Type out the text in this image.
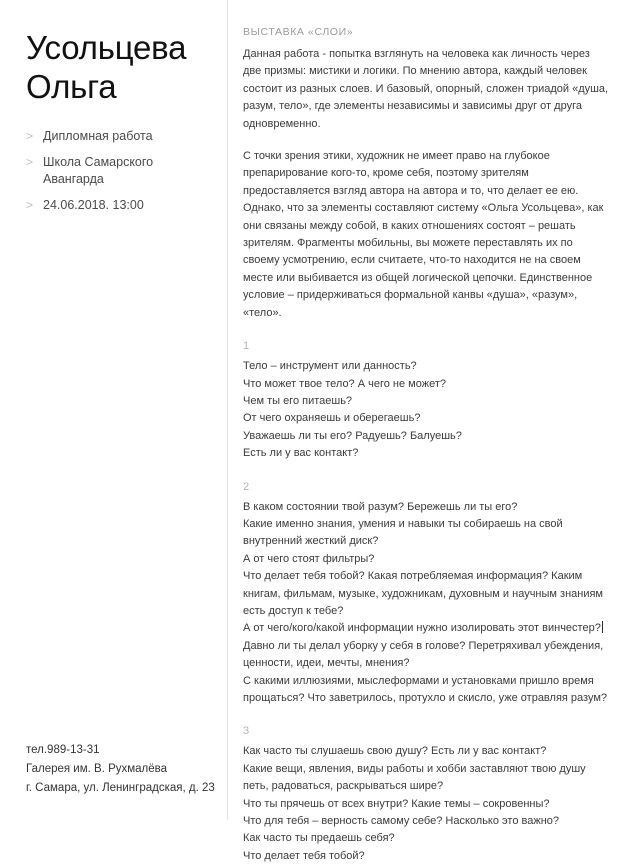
Усольцева Ольга
> Дипломная работа
> Школа Самарского Авангарда
> 24.06.2018. 13:00
тел.989-13-31
Галерея им. В. Рухмалёва
г. Самара, ул. Ленинградская, д. 23
ВЫСТАВКА «СЛОИ»

Данная работа - попытка взглянуть на человека как личность через две призмы: мистики и логики. По мнению автора, каждый человек состоит из разных слоев. И базовый, опорный, сложен триадой «душа, разум, тело», где элементы независимы и зависимы друг от друга одновременно.

С точки зрения этики, художник не имеет право на глубокое препарирование кого-то, кроме себя, поэтому зрителям предоставляется взгляд автора на автора и то, что делает ее ею. Однако, что за элементы составляют систему «Ольга Усольцева», как они связаны между собой, в каких отношениях состоят – решать зрителям. Фрагменты мобильны, вы можете переставлять их по своему усмотрению, если считаете, что-то находится не на своем месте или выбивается из общей логической цепочки. Единственное условие – придерживаться формальной канвы «душа», «разум», «тело».

1

Тело – инструмент или данность?

Что может твое тело? А чего не может?

Чем ты его питаешь?

От чего охраняешь и оберегаешь?

Уважаешь ли ты его? Радуешь? Балуешь?

Есть ли у вас контакт?

2

В каком состоянии твой разум? Бережешь ли ты его?

Какие именно знания, умения и навыки ты собираешь на свой внутренний жесткий диск?

А от чего стоят фильтры?

Что делает тебя тобой? Какая потребляемая информация? Каким книгам, фильмам, музыке, художникам, духовным и научным знаниям есть доступ к тебе?

А от чего/кого/какой информации нужно изолировать этот винчестер?

Давно ли ты делал уборку у себя в голове? Перетряхивал убеждения, ценности, идеи, мечты, мнения?

С какими иллюзиями, мыслеформами и установками пришло время прощаться? Что заветрилось, протухло и скисло, уже отравляя разум?

3

Как часто ты слушаешь свою душу? Есть ли у вас контакт?

Какие вещи, явления, виды работы и хобби заставляют твою душу петь, радоваться, раскрываться шире?

Что ты прячешь от всех внутри? Какие темы – сокровенны?

Что для тебя – верность самому себе? Насколько это важно?

Как часто ты предаешь себя?

Что делает тебя тобой?
